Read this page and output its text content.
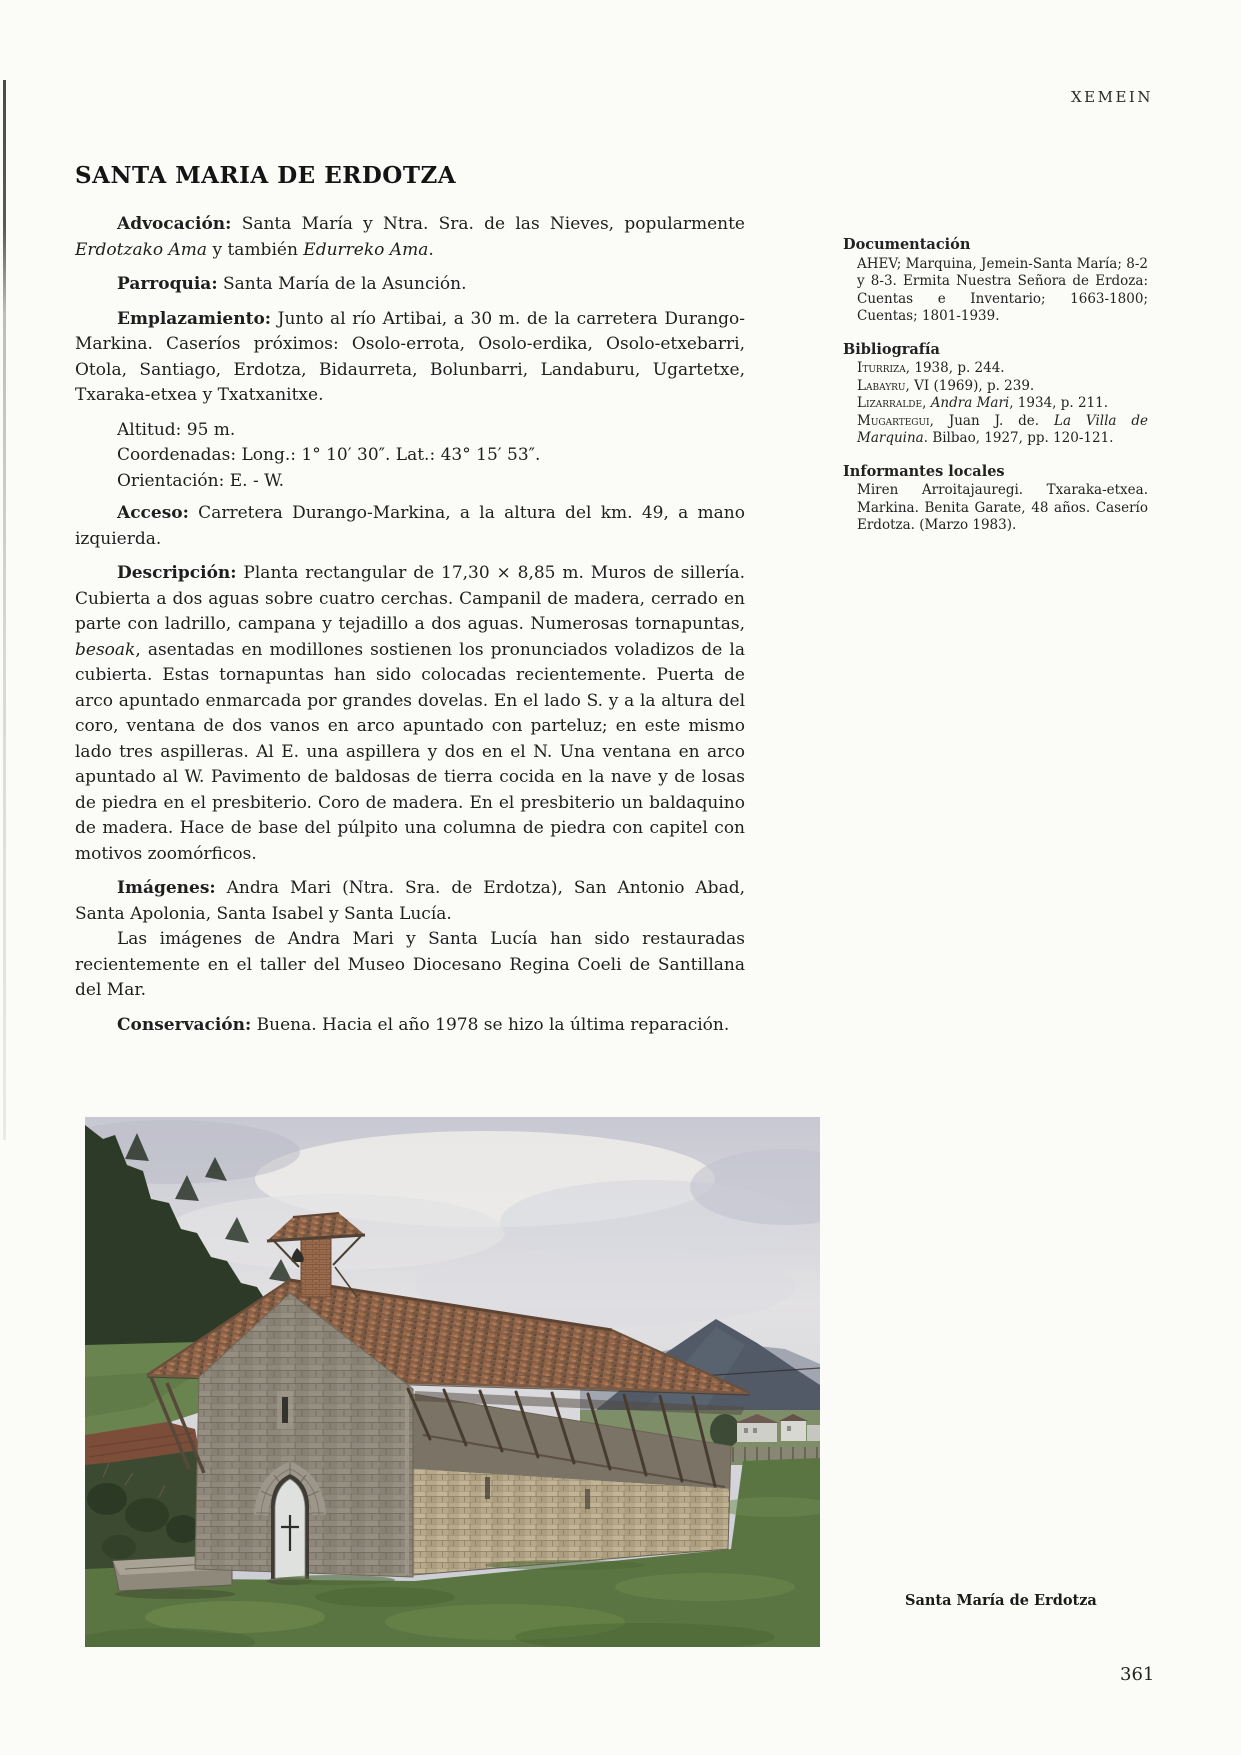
XEMEIN
SANTA MARIA DE ERDOTZA

Advocación: Santa María y Ntra. Sra. de las Nieves, popularmente Erdotzako Ama y también Edurreko Ama.

Parroquia: Santa María de la Asunción.

Emplazamiento: Junto al río Artibai, a 30 m. de la carretera Durango-Markina. Caseríos próximos: Osolo-errota, Osolo-erdika, Osolo-etxebarri, Otola, Santiago, Erdotza, Bidaurreta, Bolunbarri, Landaburu, Ugartetxe, Txaraka-etxea y Txatxanitxe.

Altitud: 95 m.
Coordenadas: Long.: 1° 10′ 30″. Lat.: 43° 15′ 53″.
Orientación: E. - W.

Acceso: Carretera Durango-Markina, a la altura del km. 49, a mano izquierda.

Descripción: Planta rectangular de 17,30 × 8,85 m. Muros de sillería. Cubierta a dos aguas sobre cuatro cerchas. Campanil de madera, cerrado en parte con ladrillo, campana y tejadillo a dos aguas. Numerosas tornapuntas, besoak, asentadas en modillones sostienen los pronunciados voladizos de la cubierta. Estas tornapuntas han sido colocadas recientemente. Puerta de arco apuntado enmarcada por grandes dovelas. En el lado S. y a la altura del coro, ventana de dos vanos en arco apuntado con parteluz; en este mismo lado tres aspilleras. Al E. una aspillera y dos en el N. Una ventana en arco apuntado al W. Pavimento de baldosas de tierra cocida en la nave y de losas de piedra en el presbiterio. Coro de madera. En el presbiterio un baldaquino de madera. Hace de base del púlpito una columna de piedra con capitel con motivos zoomórficos.

Imágenes: Andra Mari (Ntra. Sra. de Erdotza), San Antonio Abad, Santa Apolonia, Santa Isabel y Santa Lucía.

Las imágenes de Andra Mari y Santa Lucía han sido restauradas recientemente en el taller del Museo Diocesano Regina Coeli de Santillana del Mar.

Conservación: Buena. Hacia el año 1978 se hizo la última reparación.

Documentación
AHEV; Marquina, Jemein-Santa María; 8-2 y 8-3. Ermita Nuestra Señora de Erdoza: Cuentas e Inventario; 1663-1800; Cuentas; 1801-1939.
Bibliografía
Iturriza, 1938, p. 244.
Labayru, VI (1969), p. 239.
Lizarralde, Andra Mari, 1934, p. 211.
Mugartegui, Juan J. de. La Villa de Marquina. Bilbao, 1927, pp. 120-121.
Informantes locales
Miren Arroitajauregi. Txaraka-etxea. Markina. Benita Garate, 48 años. Caserío Erdotza. (Marzo 1983).
Santa María de Erdotza
361
